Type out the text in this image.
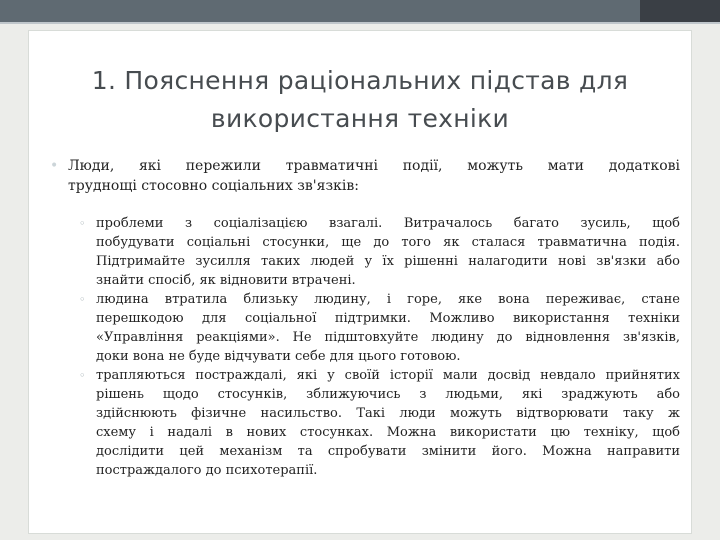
1. Пояснення раціональних підстав для
використання техніки
• Люди, які пережили травматичні події, можуть мати додаткові
труднощі стосовно соціальних зв'язків:
◦ проблеми з соціалізацією взагалі. Витрачалось багато зусиль, щоб
побудувати соціальні стосунки, ще до того як сталася травматична подія.
Підтримайте зусилля таких людей у їх рішенні налагодити нові зв'язки або
знайти спосіб, як відновити втрачені.
◦ людина втратила близьку людину, і горе, яке вона переживає, стане
перешкодою для соціальної підтримки. Можливо використання техніки
«Управління реакціями». Не підштовхуйте людину до відновлення зв'язків,
доки вона не буде відчувати себе для цього готовою.
◦ трапляються постраждалі, які у своїй історії мали досвід невдало прийнятих
рішень щодо стосунків, зближуючись з людьми, які зраджують або
здійснюють фізичне насильство. Такі люди можуть відтворювати таку ж
схему і надалі в нових стосунках. Можна використати цю техніку, щоб
дослідити цей механізм та спробувати змінити його. Можна направити
постраждалого до психотерапії.
